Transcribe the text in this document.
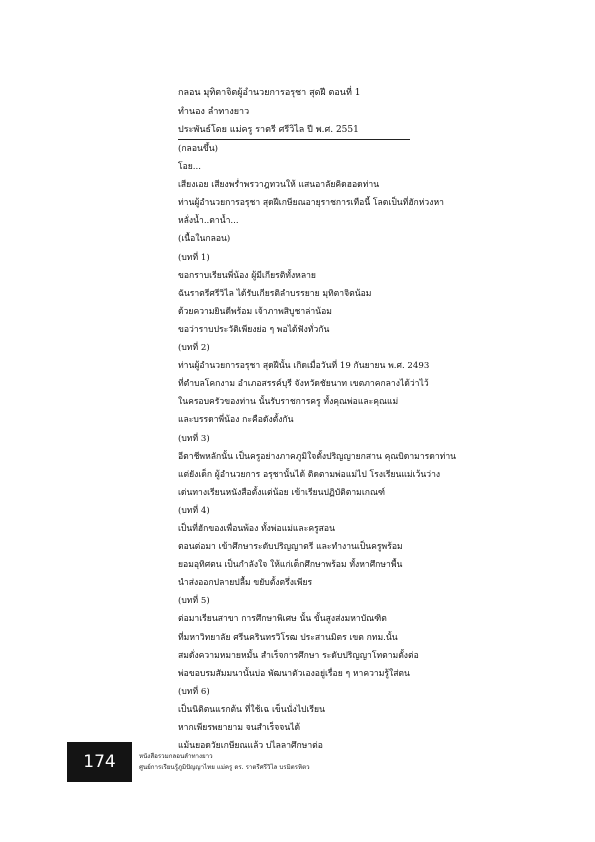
กลอน มุทิตาจิตผู้อำนวยการอรุชา สุดฝี ตอนที่ 1
ทำนอง ลำทางยาว
ประพันธ์โดย แม่ครู ราตรี ศรีวิไล ปี พ.ศ. 2551
(กลอนขึ้น)
โอย...
เสียงเอย เสียงพร่ำพรวาฎทวนให้ แสนอาลัยคิดฮอดท่าน
ท่านผู้อำนวยการอรุชา สุดฝีเกษียณอายุราชการเทือนี้ โลดเป็นที่ฮักห่วงหา
หลั่งน้ำ..ตาน้ำ...
(เนื้อในกลอน)
(บทที่ 1)
ขอกราบเรียนพี่น้อง ผู้มีเกียรติทั้งหลาย
ฉันราตรีศรีวิไล ได้รับเกียรติลำบรรยาย มุทิตาจิตน้อม
ด้วยความยินดีพร้อม เจ้าภาพสิบูชาล่าน้อม
ขอว่าราบประวัติเพียงย่อ ๆ พอได้ฟังทั่วกัน
(บทที่ 2)
ท่านผู้อำนวยการอรุชา สุดฝีนั้น เกิดเมื่อวันที่ 19 กันยายน พ.ศ. 2493
ที่ตำบลโคกงาม อำเภอสรรค์บุรี จังหวัดชัยนาท เขตภาคกลางได้ว่าไว้
ในครอบครัวของท่าน นั้นรับราชการครู ทั้งคุณพ่อและคุณแม่
และบรรดาพี่น้อง กะคือดังตั้งกัน
(บทที่ 3)
อีตาชีพหลักนั้น เป็นครูอย่างภาคภูมิใจตั้งปริญญายกสาน คุณบิดามารดาท่าน
แต่ยังเด็ก ผู้อำนวยการ อรุชานั้นได้ ติดตามพ่อแม่ไป โรงเรียนแม่เว้นว่าง
เด่นทางเรียนหนังสือตั้งแต่น้อย เข้าเรียนปฏิบัติตามเกณฑ์
(บทที่ 4)
เป็นที่ฮักของเพื่อนพ้อง ทั้งพ่อแม่และครูสอน
ตอนต่อมา เข้าศึกษาระดับปริญญาตรี และทำงานเป็นครูพร้อม
ยอมอุทิศตน เป็นกำลังใจ ให้แก่เด็กศึกษาพร้อม ทั้งหาศึกษาพื้น
นำส่งออกปลายปลื้ม ขยับตั้งตรึ่งเพียร
(บทที่ 5)
ต่อมาเรียนสาขา การศึกษาพิเศษ นั้น ขั้นสูงส่งมหาบัณฑิต
ที่มหาวิทยาลัย ศรีนครินทรวิโรฒ ประสานมิตร เขต กทม.นั้น
สมดั่งความหมายหมั้น สำเร็จการศึกษา ระดับปริญญาโทตามตั้งต่อ
พ่อขอบรมสัมมนานั้นบ่อ พัฒนาตัวเองอยู่เรื่อย ๆ หาความรู้ใส่ตน
(บทที่ 6)
เป็นนิติตนแรกต้น ที่ใช้เฉ เข็นนั่งไปเรียน
หากเพียรพยายาม จนสำเร็จจนได้
แม้นยอดวัยเกษียณแล้ว บ่ไลลาศึกษาต่อ
174	หนังสือรวมกลอนลำทางยาว
ศูนย์การเรียนรู้ภูมิปัญญาไทย แม่ครู ดร. ราตรีศรีวิไล บรมิตรหิตว
